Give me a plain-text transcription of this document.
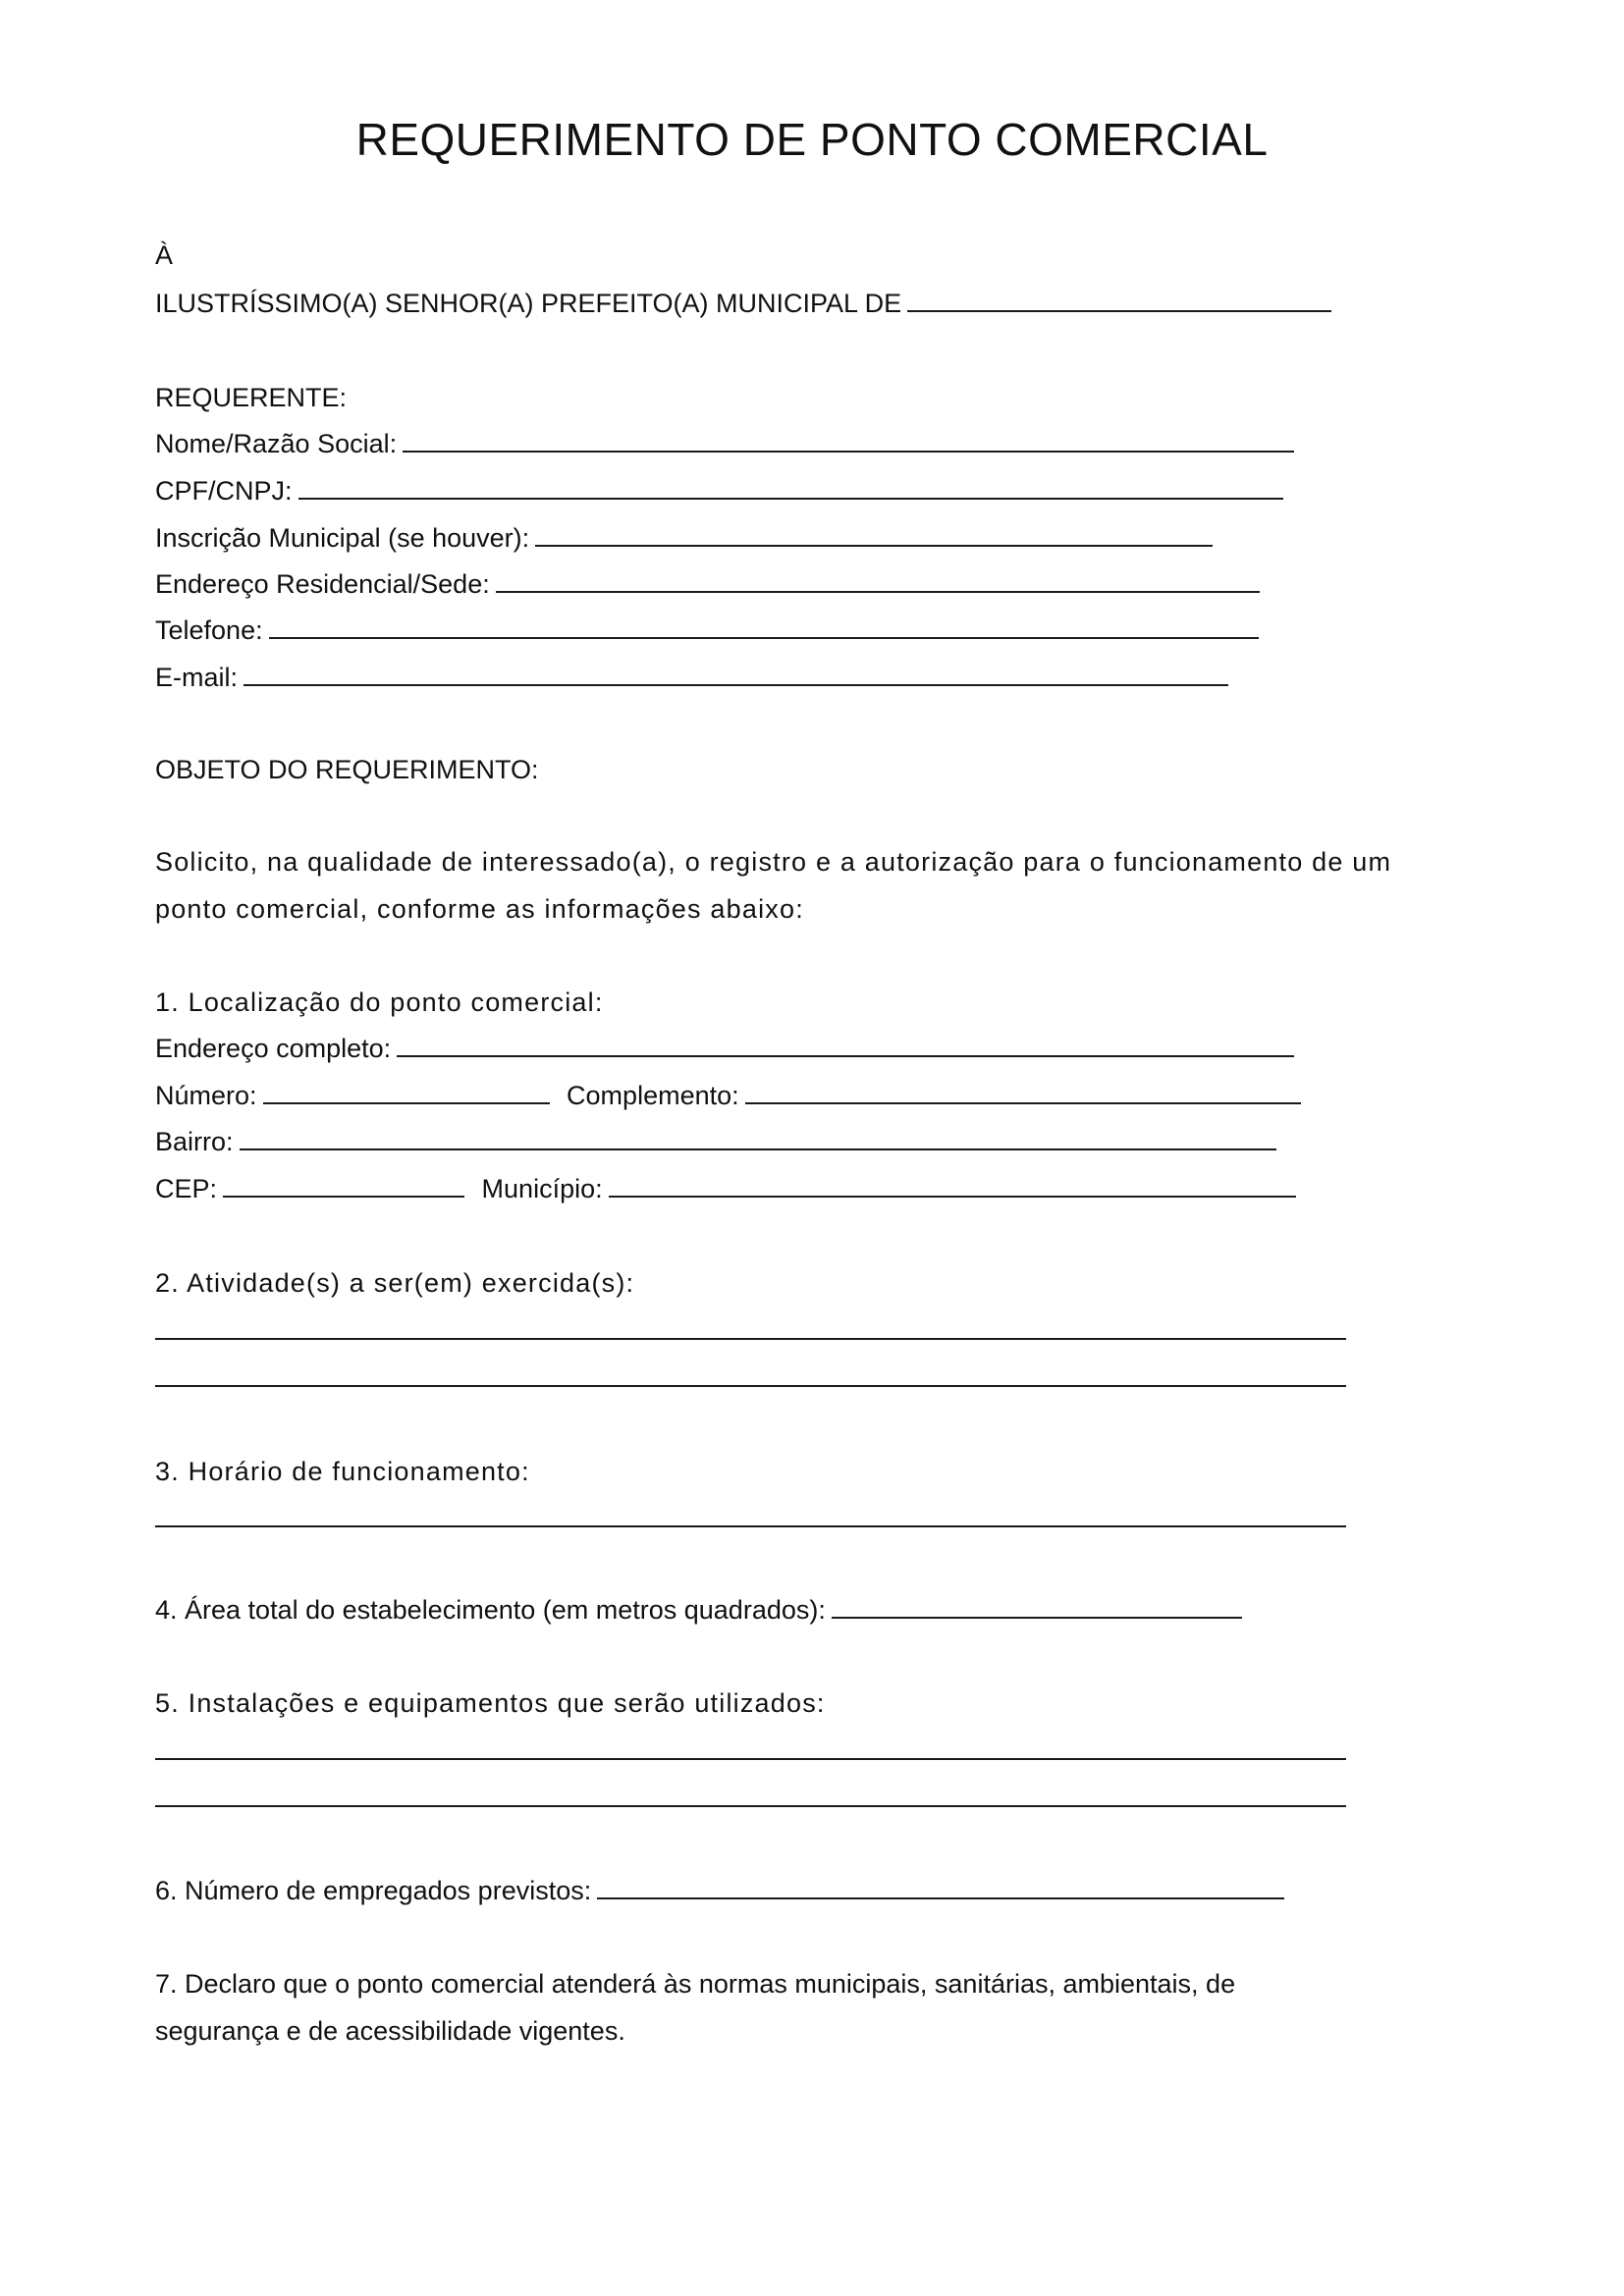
REQUERIMENTO DE PONTO COMERCIAL
À
ILUSTRÍSSIMO(A) SENHOR(A) PREFEITO(A) MUNICIPAL DE
REQUERENTE:
Nome/Razão Social:
CPF/CNPJ:
Inscrição Municipal (se houver):
Endereço Residencial/Sede:
Telefone:
E-mail:
OBJETO DO REQUERIMENTO:
Solicito, na qualidade de interessado(a), o registro e a autorização para o funcionamento de um
ponto comercial, conforme as informações abaixo:
1. Localização do ponto comercial:
Endereço completo:
Número:	Complemento:
Bairro:
CEP:	Município:
2. Atividade(s) a ser(em) exercida(s):
3. Horário de funcionamento:
4. Área total do estabelecimento (em metros quadrados):
5. Instalações e equipamentos que serão utilizados:
6. Número de empregados previstos:
7. Declaro que o ponto comercial atenderá às normas municipais, sanitárias, ambientais, de
segurança e de acessibilidade vigentes.
